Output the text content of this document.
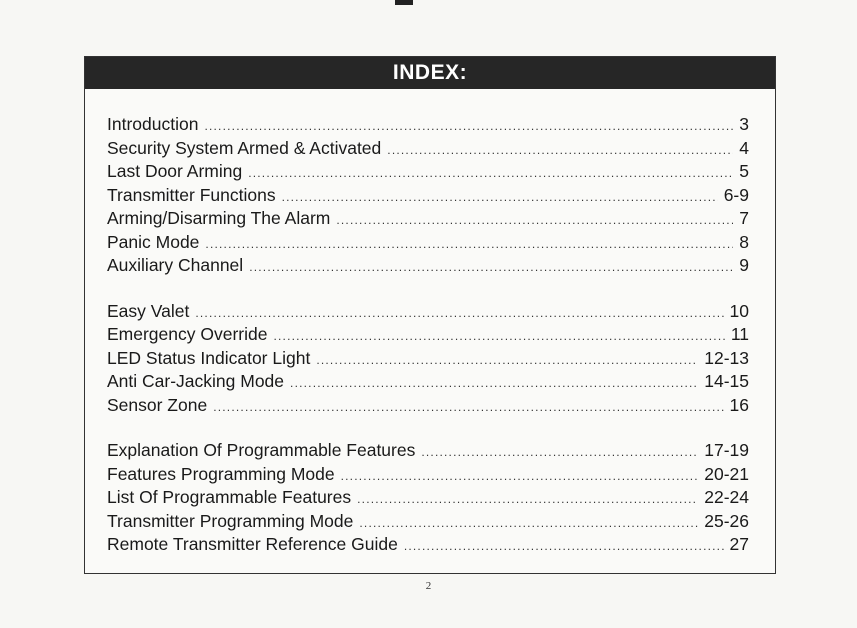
INDEX:
Introduction .....	3
Security System Armed & Activated .....	4
Last Door Arming .....	5
Transmitter Functions .....	6-9
Arming/Disarming The Alarm .....	7
Panic Mode .....	8
Auxiliary Channel .....	9
Easy Valet .....	10
Emergency Override .....	11
LED Status Indicator Light .....	12-13
Anti Car-Jacking Mode .....	14-15
Sensor Zone .....	16
Explanation Of Programmable Features .....	17-19
Features Programming Mode .....	20-21
List Of Programmable Features .....	22-24
Transmitter Programming Mode .....	25-26
Remote Transmitter Reference Guide .....	27
2
